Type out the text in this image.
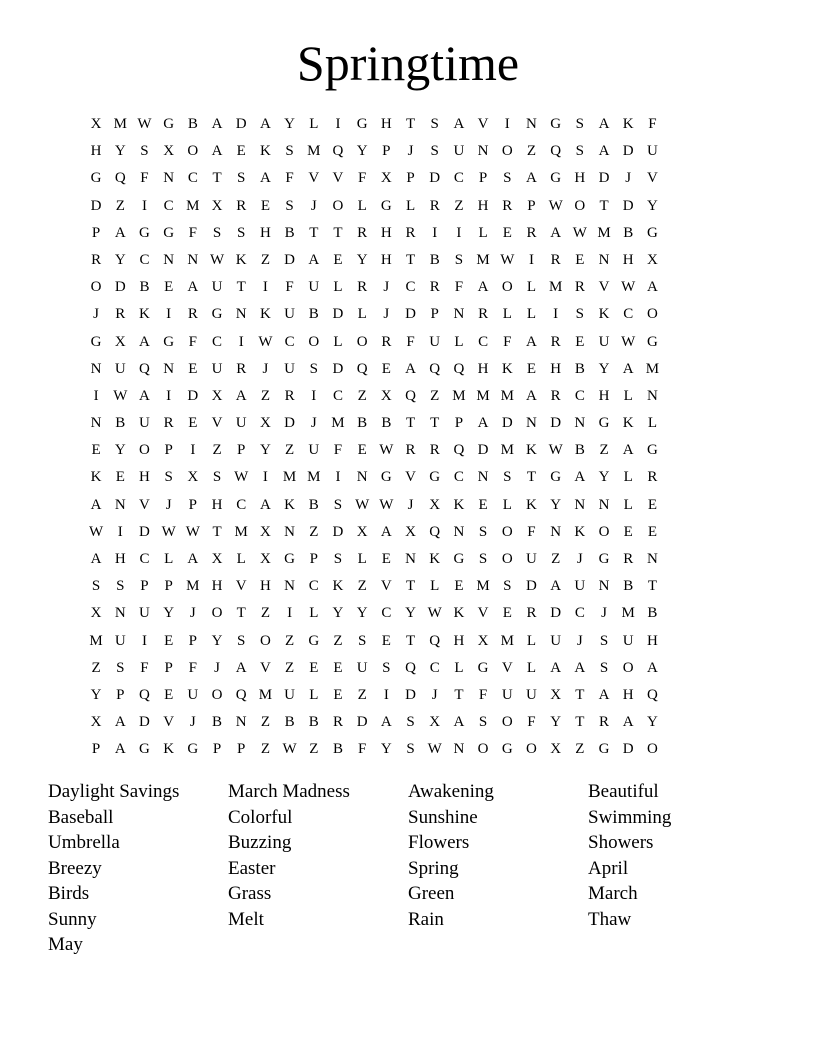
Springtime
X M W G B A D A Y L	I	G H T	S A V	I	N G S A K F
H Y S X O A E K S M Q Y P	J	S U N O Z Q S A D U
G Q F N C T	S A F V V F X P D C	P	S A G H D	J	V
D Z	I	C M X R E	S	J	O L G L R Z H R	P W O T D Y
P A G G F	S	S H B T	T R H R	I	I	L	E R A W M B G
R Y C N N W K Z D A E Y H T B	S M W I	R E N H X
O D B E A U T	I	F U L R	J	C R	F A O L M R V W A
J	R K	I	R G N K U B D L	J	D P N R L	L	I	S K C O
G X A G F	C	I W C O L O R	F U L C	F A R E U W G
N U Q N E U R	J	U S D Q E A Q Q H K E H B Y A M
I W A	I	D X A Z R	I	C Z X Q Z M M M A R C H L N
N B U R E V U X D	J M B B T	T	P A D N D N G K L
E Y O P	I	Z	P Y Z U F	E W R R Q D M K W B Z A G
K E H S X S W I	M M	I	N G V G C N S	T G A Y L R
A N V	J	P H C A K B	S W W J	X K E	L K Y N N L	E
W I	D W W T M X N Z D X A X Q N S O F N K O E	E
A H C L A X L X G P	S	L	E N K G S O U Z	J	G R N
S	S	P	P M H V H N C K Z V T	L	E M S D A U N B T
X N U Y	J	O T	Z	I	L Y Y C Y W K V E R D C	J M B
M U	I	E	P Y S O Z G Z	S	E	T Q H X M L U	J	S U H
Z	S	F	P	F	J	A V Z	E	E U S Q C L G V L A A S O A
Y P Q E U O Q M U L	E	Z	I	D	J	T	F U U X T A H Q
X A D V	J	B N Z B B R D A S X A S O F Y T R A Y
P A G K G P	P	Z W Z B	F Y S W N O G O X Z G D O
Daylight Savings	March Madness	Awakening	Beautiful
Baseball	Colorful	Sunshine	Swimming
Umbrella	Buzzing	Flowers	Showers
Breezy	Easter	Spring	April
Birds	Grass	Green	March
Sunny	Melt	Rain	Thaw
May
